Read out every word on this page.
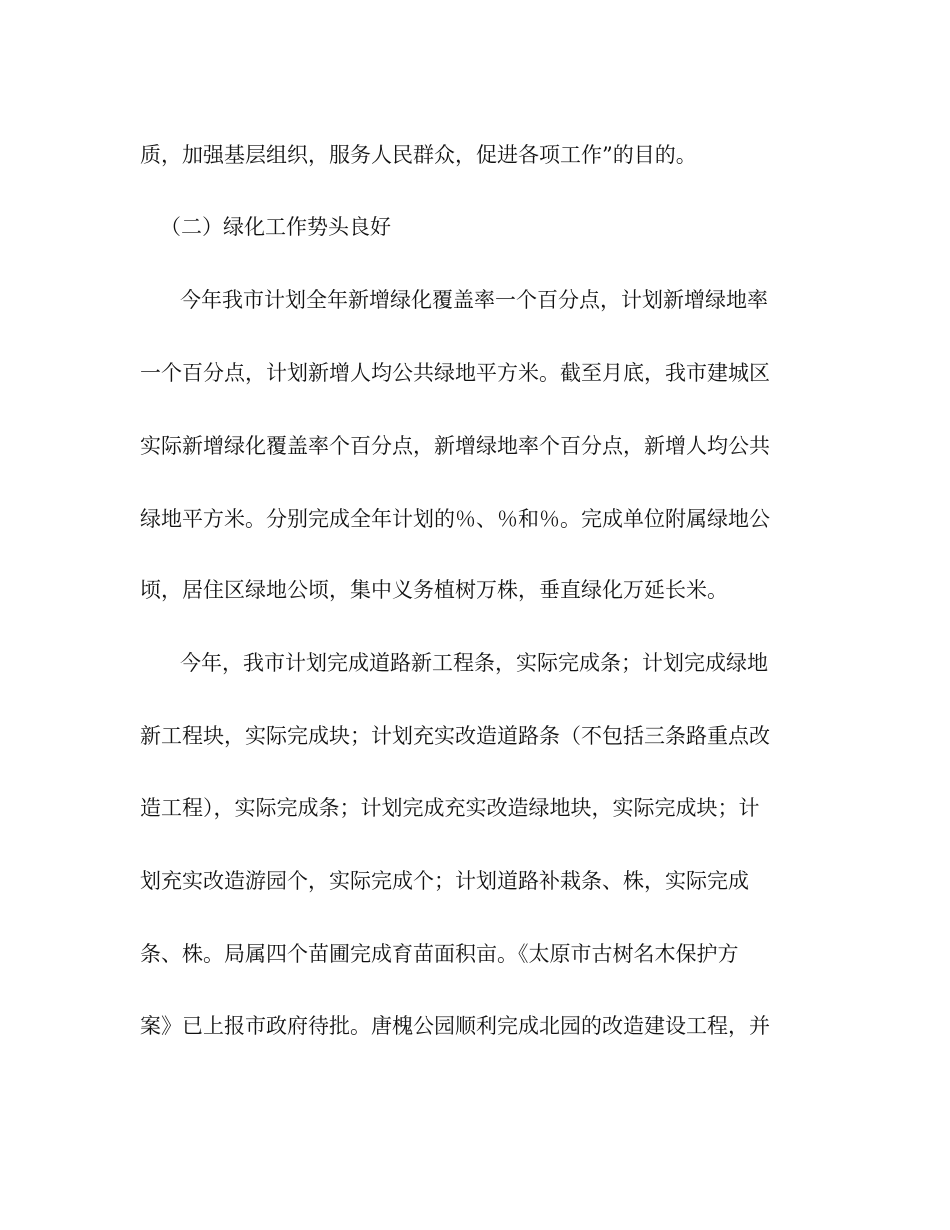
质，加强基层组织，服务人民群众，促进各项工作”的目的。
（二）绿化工作势头良好
今年我市计划全年新增绿化覆盖率一个百分点，计划新增绿地率
一个百分点，计划新增人均公共绿地平方米。截至月底，我市建城区
实际新增绿化覆盖率个百分点，新增绿地率个百分点，新增人均公共
绿地平方米。分别完成全年计划的％、％和％。完成单位附属绿地公
顷，居住区绿地公顷，集中义务植树万株，垂直绿化万延长米。
今年，我市计划完成道路新工程条，实际完成条；计划完成绿地
新工程块，实际完成块；计划充实改造道路条（不包括三条路重点改
造工程），实际完成条；计划完成充实改造绿地块，实际完成块；计
划充实改造游园个，实际完成个；计划道路补栽条、株，实际完成
条、株。局属四个苗圃完成育苗面积亩。《太原市古树名木保护方
案》已上报市政府待批。唐槐公园顺利完成北园的改造建设工程，并
